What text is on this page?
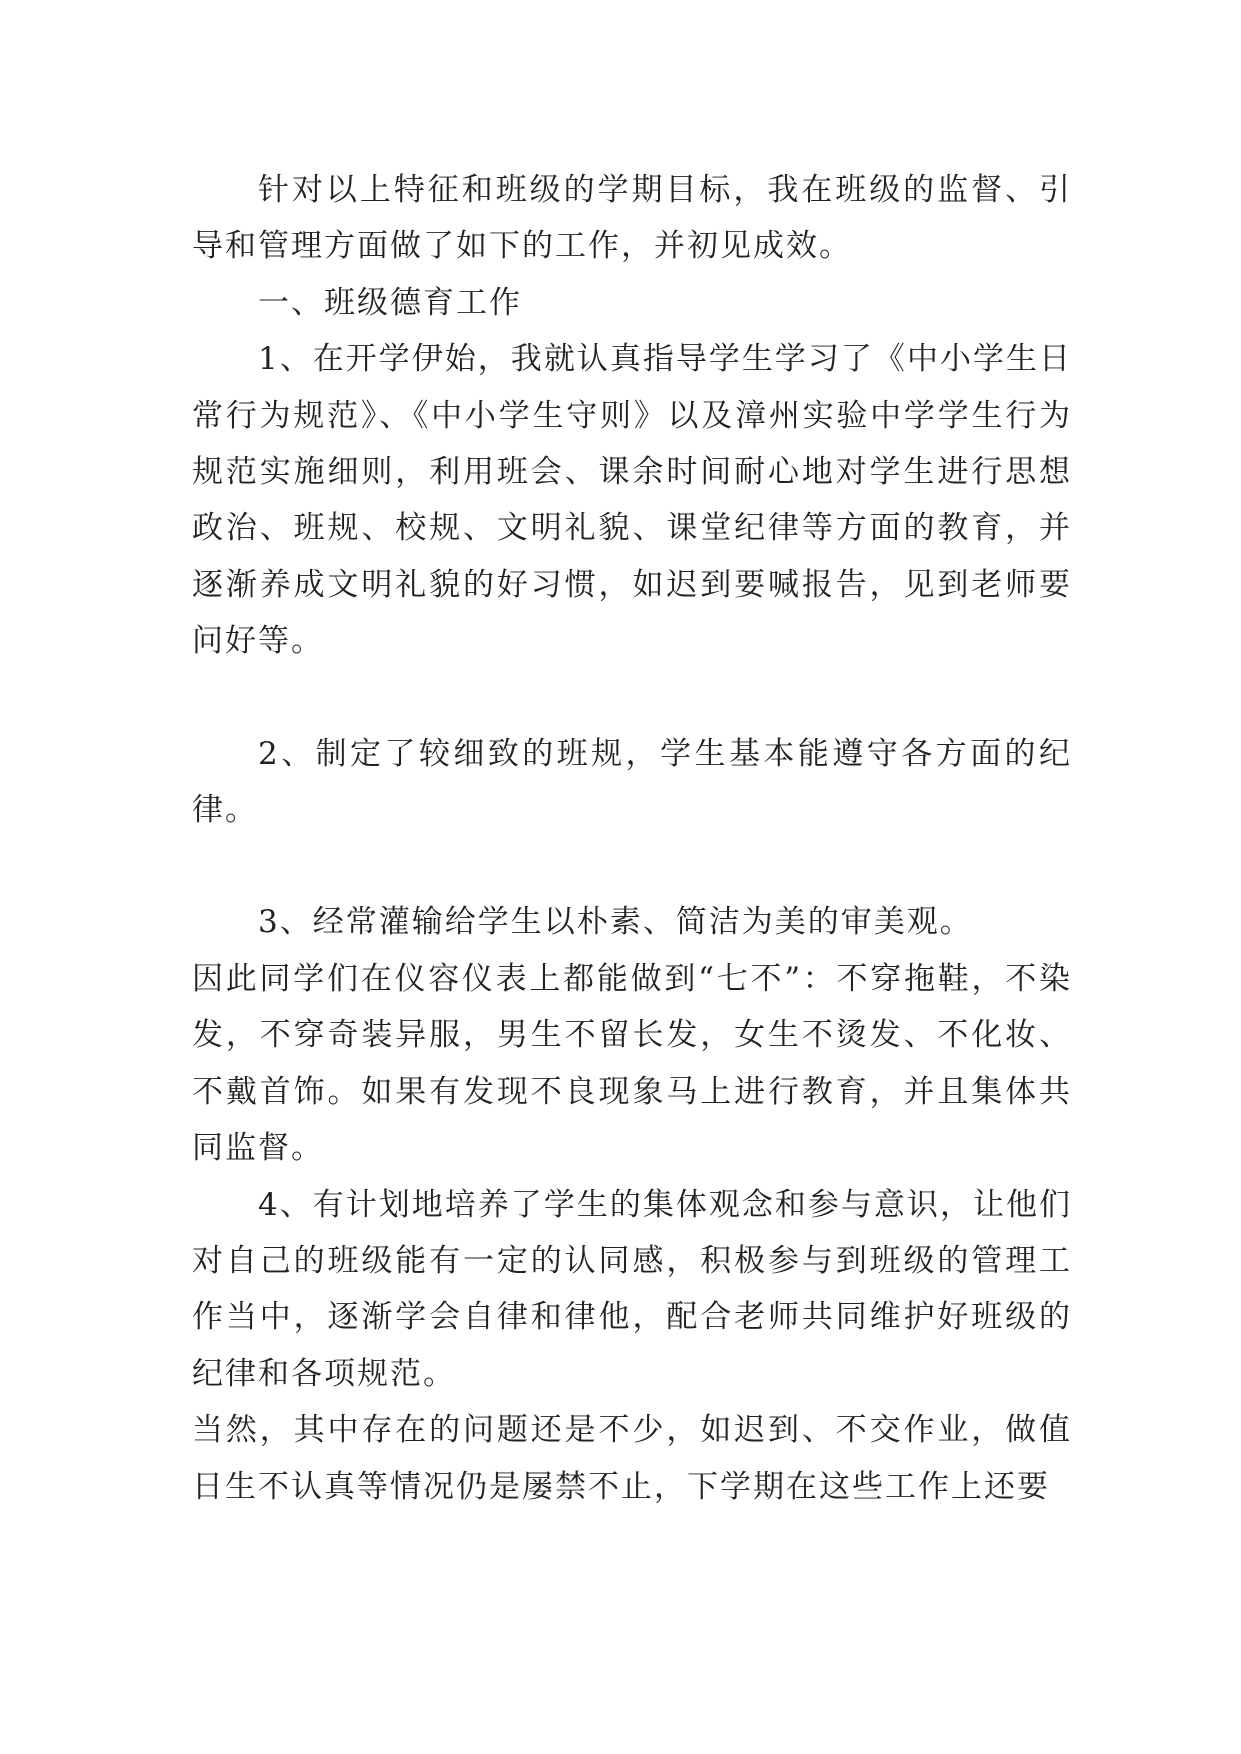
针对以上特征和班级的学期目标，我在班级的监督、引导和管理方面做了如下的工作，并初见成效。

一、班级德育工作

1、在开学伊始，我就认真指导学生学习了《中小学生日常行为规范》、《中小学生守则》以及漳州实验中学学生行为规范实施细则，利用班会、课余时间耐心地对学生进行思想政治、班规、校规、文明礼貌、课堂纪律等方面的教育，并逐渐养成文明礼貌的好习惯，如迟到要喊报告，见到老师要问好等。

2、制定了较细致的班规，学生基本能遵守各方面的纪律。

3、经常灌输给学生以朴素、简洁为美的审美观。

因此同学们在仪容仪表上都能做到“七不”：不穿拖鞋，不染发，不穿奇装异服，男生不留长发，女生不烫发、不化妆、不戴首饰。如果有发现不良现象马上进行教育，并且集体共同监督。

4、有计划地培养了学生的集体观念和参与意识，让他们对自己的班级能有一定的认同感，积极参与到班级的管理工作当中，逐渐学会自律和律他，配合老师共同维护好班级的纪律和各项规范。

当然，其中存在的问题还是不少，如迟到、不交作业，做值日生不认真等情况仍是屡禁不止，下学期在这些工作上还要
